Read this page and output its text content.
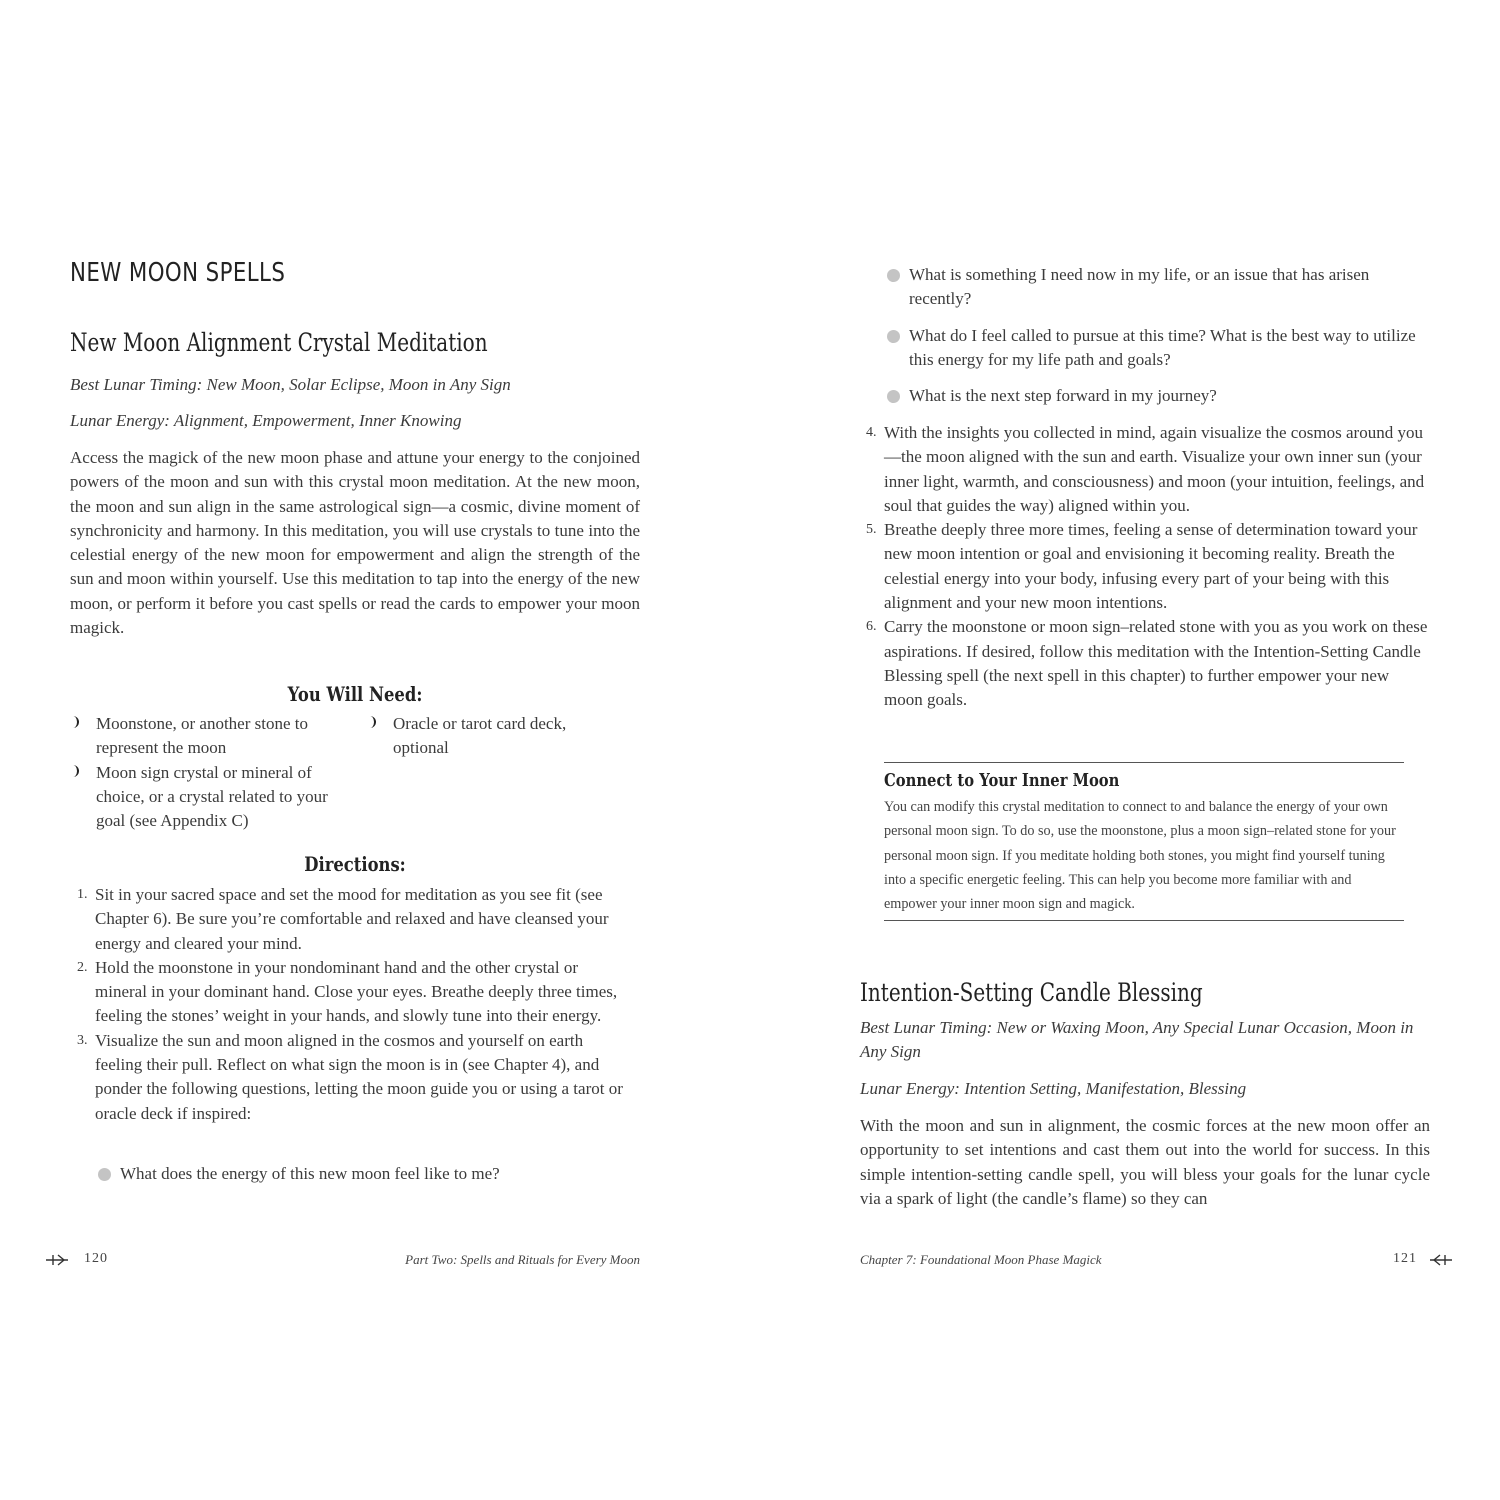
NEW MOON SPELLS
New Moon Alignment Crystal Meditation

Best Lunar Timing: New Moon, Solar Eclipse, Moon in Any Sign

Lunar Energy: Alignment, Empowerment, Inner Knowing

Access the magick of the new moon phase and attune your energy to the conjoined powers of the moon and sun with this crystal moon meditation. At the new moon, the moon and sun align in the same astrological sign—a cosmic, divine moment of synchronicity and harmony. In this meditation, you will use crystals to tune into the celestial energy of the new moon for empowerment and align the strength of the sun and moon within yourself. Use this meditation to tap into the energy of the new moon, or perform it before you cast spells or read the cards to empower your moon magick.

You Will Need:
Moonstone, or another stone to represent the moon
Moon sign crystal or mineral of choice, or a crystal related to your goal (see Appendix C)
Oracle or tarot card deck, optional
Directions:
1. Sit in your sacred space and set the mood for meditation as you see fit (see Chapter 6). Be sure you’re comfortable and relaxed and have cleansed your energy and cleared your mind.
2. Hold the moonstone in your nondominant hand and the other crystal or mineral in your dominant hand. Close your eyes. Breathe deeply three times, feeling the stones’ weight in your hands, and slowly tune into their energy.
3. Visualize the sun and moon aligned in the cosmos and yourself on earth feeling their pull. Reflect on what sign the moon is in (see Chapter 4), and ponder the following questions, letting the moon guide you or using a tarot or oracle deck if inspired:
What does the energy of this new moon feel like to me?
120	Part Two: Spells and Rituals for Every Moon
What is something I need now in my life, or an issue that has arisen recently?
What do I feel called to pursue at this time? What is the best way to utilize this energy for my life path and goals?
What is the next step forward in my journey?
4. With the insights you collected in mind, again visualize the cosmos around you—the moon aligned with the sun and earth. Visualize your own inner sun (your inner light, warmth, and consciousness) and moon (your intuition, feelings, and soul that guides the way) aligned within you.
5. Breathe deeply three more times, feeling a sense of determination toward your new moon intention or goal and envisioning it becoming reality. Breath the celestial energy into your body, infusing every part of your being with this alignment and your new moon intentions.
6. Carry the moonstone or moon sign–related stone with you as you work on these aspirations. If desired, follow this meditation with the Intention-Setting Candle Blessing spell (the next spell in this chapter) to further empower your new moon goals.
Connect to Your Inner Moon

You can modify this crystal meditation to connect to and balance the energy of your own personal moon sign. To do so, use the moonstone, plus a moon sign–related stone for your personal moon sign. If you meditate holding both stones, you might find yourself tuning into a specific energetic feeling. This can help you become more familiar with and empower your inner moon sign and magick.

Intention-Setting Candle Blessing

Best Lunar Timing: New or Waxing Moon, Any Special Lunar Occasion, Moon in Any Sign

Lunar Energy: Intention Setting, Manifestation, Blessing

With the moon and sun in alignment, the cosmic forces at the new moon offer an opportunity to set intentions and cast them out into the world for success. In this simple intention-setting candle spell, you will bless your goals for the lunar cycle via a spark of light (the candle’s flame) so they can

Chapter 7: Foundational Moon Phase Magick	121
